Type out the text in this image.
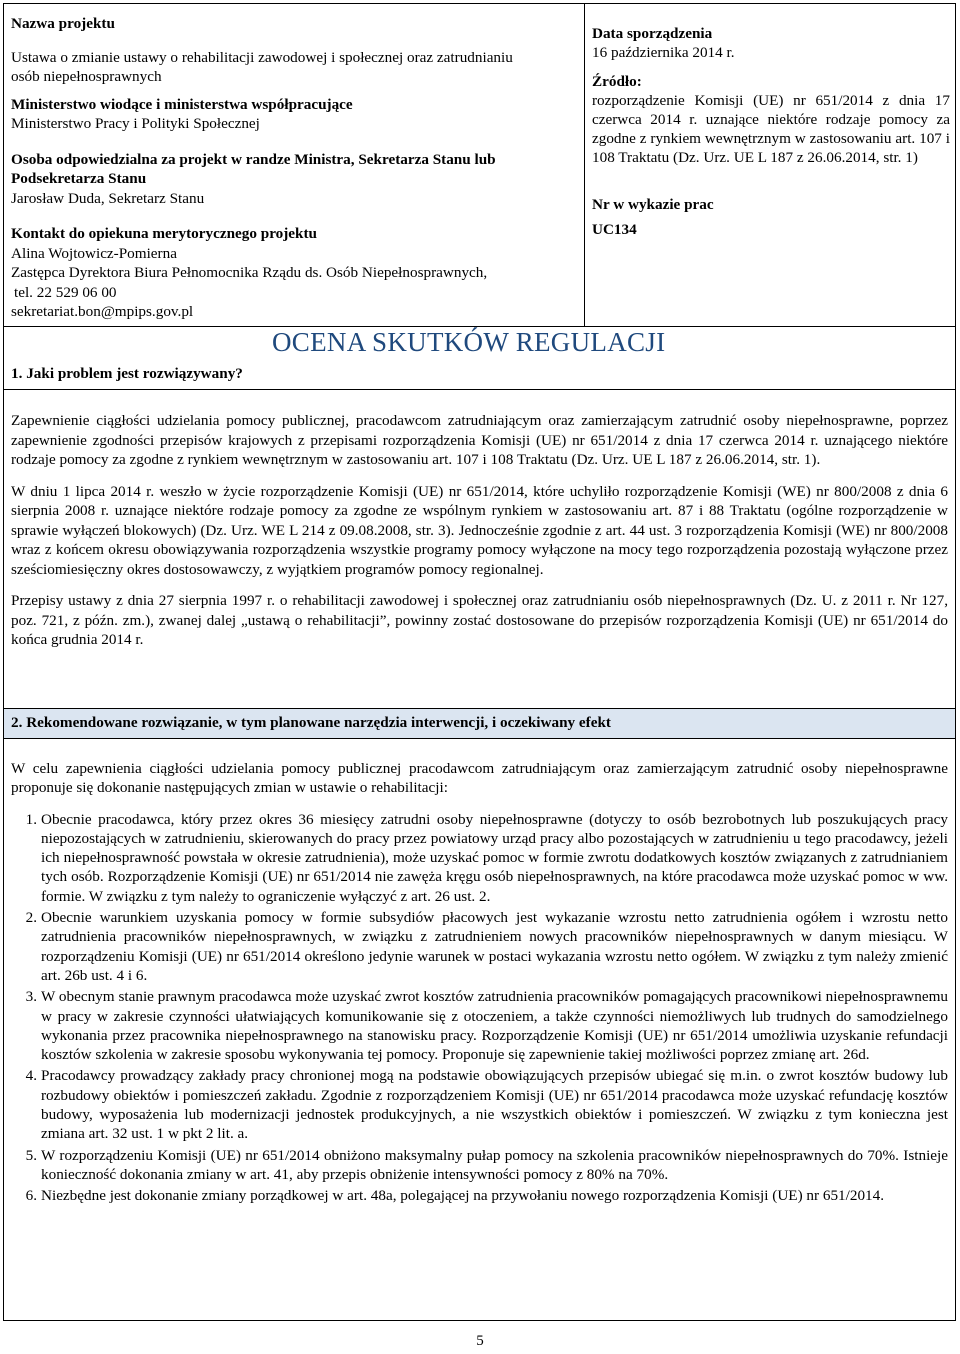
Nazwa projektu
Ustawa o zmianie ustawy o rehabilitacji zawodowej i społecznej oraz zatrudnianiu osób niepełnosprawnych
Ministerstwo wiodące i ministerstwa współpracujące
Ministerstwo Pracy i Polityki Społecznej
Osoba odpowiedzialna za projekt w randze Ministra, Sekretarza Stanu lub Podsekretarza Stanu
Jarosław Duda, Sekretarz Stanu
Kontakt do opiekuna merytorycznego projektu
Alina Wojtowicz-Pomierna
Zastępca Dyrektora Biura Pełnomocnika Rządu ds. Osób Niepełnosprawnych,
tel. 22 529 06 00
sekretariat.bon@mpips.gov.pl
Data sporządzenia
16 października 2014 r.
Źródło:
rozporządzenie Komisji (UE) nr 651/2014 z dnia 17 czerwca 2014 r. uznające niektóre rodzaje pomocy za zgodne z rynkiem wewnętrznym w zastosowaniu art. 107 i 108 Traktatu (Dz. Urz. UE L 187 z 26.06.2014, str. 1)
Nr w wykazie prac
UC134
OCENA SKUTKÓW REGULACJI
1. Jaki problem jest rozwiązywany?

Zapewnienie ciągłości udzielania pomocy publicznej, pracodawcom zatrudniającym oraz zamierzającym zatrudnić osoby niepełnosprawne, poprzez zapewnienie zgodności przepisów krajowych z przepisami rozporządzenia Komisji (UE) nr 651/2014 z dnia 17 czerwca 2014 r. uznającego niektóre rodzaje pomocy za zgodne z rynkiem wewnętrznym w zastosowaniu art. 107 i 108 Traktatu (Dz. Urz. UE L 187 z 26.06.2014, str. 1).

W dniu 1 lipca 2014 r. weszło w życie rozporządzenie Komisji (UE) nr 651/2014, które uchyliło rozporządzenie Komisji (WE) nr 800/2008 z dnia 6 sierpnia 2008 r. uznające niektóre rodzaje pomocy za zgodne ze wspólnym rynkiem w zastosowaniu art. 87 i 88 Traktatu (ogólne rozporządzenie w sprawie wyłączeń blokowych) (Dz. Urz. WE L 214 z 09.08.2008, str. 3). Jednocześnie zgodnie z art. 44 ust. 3 rozporządzenia Komisji (WE) nr 800/2008 wraz z końcem okresu obowiązywania rozporządzenia wszystkie programy pomocy wyłączone na mocy tego rozporządzenia pozostają wyłączone przez sześciomiesięczny okres dostosowawczy, z wyjątkiem programów pomocy regionalnej.

Przepisy ustawy z dnia 27 sierpnia 1997 r. o rehabilitacji zawodowej i społecznej oraz zatrudnianiu osób niepełnosprawnych (Dz. U. z 2011 r. Nr 127, poz. 721, z późn. zm.), zwanej dalej „ustawą o rehabilitacji”, powinny zostać dostosowane do przepisów rozporządzenia Komisji (UE) nr 651/2014 do końca grudnia 2014 r.

2. Rekomendowane rozwiązanie, w tym planowane narzędzia interwencji, i oczekiwany efekt

W celu zapewnienia ciągłości udzielania pomocy publicznej pracodawcom zatrudniającym oraz zamierzającym zatrudnić osoby niepełnosprawne proponuje się dokonanie następujących zmian w ustawie o rehabilitacji:

1. Obecnie pracodawca, który przez okres 36 miesięcy zatrudni osoby niepełnosprawne (dotyczy to osób bezrobotnych lub poszukujących pracy niepozostających w zatrudnieniu, skierowanych do pracy przez powiatowy urząd pracy albo pozostających w zatrudnieniu u tego pracodawcy, jeżeli ich niepełnosprawność powstała w okresie zatrudnienia), może uzyskać pomoc w formie zwrotu dodatkowych kosztów związanych z zatrudnianiem tych osób. Rozporządzenie Komisji (UE) nr 651/2014 nie zawęża kręgu osób niepełnosprawnych, na które pracodawca może uzyskać pomoc w ww. formie. W związku z tym należy to ograniczenie wyłączyć z art. 26 ust. 2.
2. Obecnie warunkiem uzyskania pomocy w formie subsydiów płacowych jest wykazanie wzrostu netto zatrudnienia ogółem i wzrostu netto zatrudnienia pracowników niepełnosprawnych, w związku z zatrudnieniem nowych pracowników niepełnosprawnych w danym miesiącu. W rozporządzeniu Komisji (UE) nr 651/2014 określono jedynie warunek w postaci wykazania wzrostu netto ogółem. W związku z tym należy zmienić art. 26b ust. 4 i 6.
3. W obecnym stanie prawnym pracodawca może uzyskać zwrot kosztów zatrudnienia pracowników pomagających pracownikowi niepełnosprawnemu w pracy w zakresie czynności ułatwiających komunikowanie się z otoczeniem, a także czynności niemożliwych lub trudnych do samodzielnego wykonania przez pracownika niepełnosprawnego na stanowisku pracy. Rozporządzenie Komisji (UE) nr 651/2014 umożliwia uzyskanie refundacji kosztów szkolenia w zakresie sposobu wykonywania tej pomocy. Proponuje się zapewnienie takiej możliwości poprzez zmianę art. 26d.
4. Pracodawcy prowadzący zakłady pracy chronionej mogą na podstawie obowiązujących przepisów ubiegać się m.in. o zwrot kosztów budowy lub rozbudowy obiektów i pomieszczeń zakładu. Zgodnie z rozporządzeniem Komisji (UE) nr 651/2014 pracodawca może uzyskać refundację kosztów budowy, wyposażenia lub modernizacji jednostek produkcyjnych, a nie wszystkich obiektów i pomieszczeń. W związku z tym konieczna jest zmiana art. 32 ust. 1 w pkt 2 lit. a.
5. W rozporządzeniu Komisji (UE) nr 651/2014 obniżono maksymalny pułap pomocy na szkolenia pracowników niepełnosprawnych do 70%. Istnieje konieczność dokonania zmiany w art. 41, aby przepis obniżenie intensywności pomocy z 80% na 70%.
6. Niezbędne jest dokonanie zmiany porządkowej w art. 48a, polegającej na przywołaniu nowego rozporządzenia Komisji (UE) nr 651/2014.
5
